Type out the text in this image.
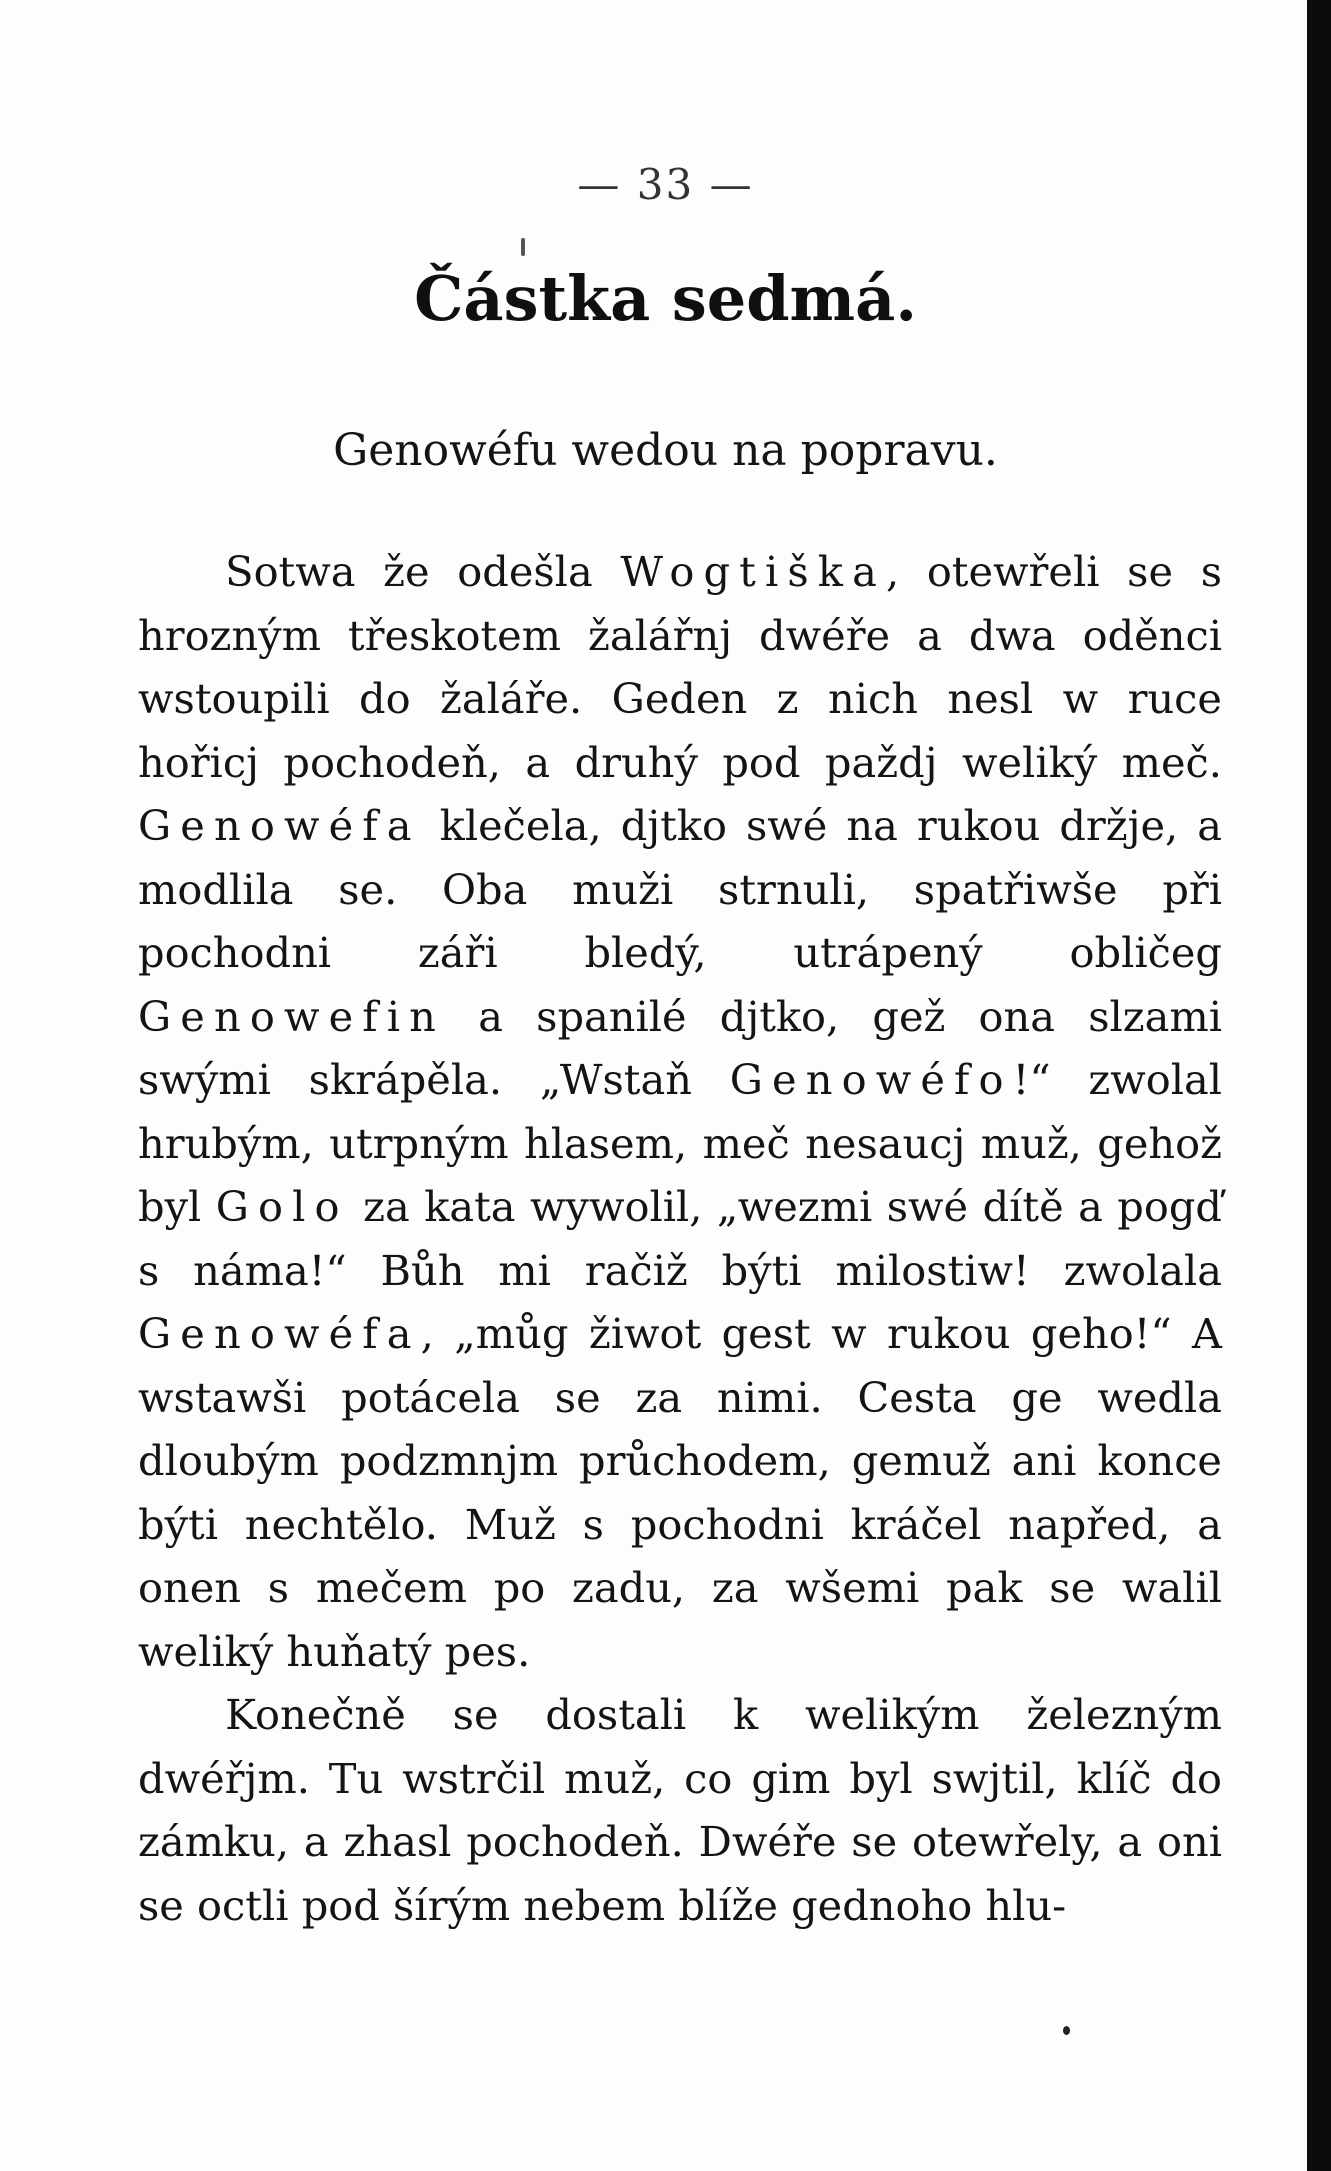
— 33 —
Částka sedmá.
Genowéfu wedou na popravu.

Sotwa že odešla Wogtiška, otewřeli se s hrozným třeskotem žalářnj dwéře a dwa oděnci wstoupili do žaláře. Geden z nich nesl w ruce hořicj pochodeň, a druhý pod paždj weliký meč. Genowéfa klečela, djtko swé na rukou držje, a modlila se. Oba muži strnuli, spatřiwše při pochodni záři bledý, utrápený obličeg Genowefin a spanilé djtko, gež ona slzami swými skrápěla. „Wstaň Genowéfo!“ zwolal hrubým, utrpným hlasem, meč nesaucj muž, gehož byl Golo za kata wywolil, „wezmi swé dítě a pogď s náma!“ Bůh mi račiž býti milostiw! zwolala Genowéfa, „můg žiwot gest w rukou geho!“ A wstawši potácela se za nimi. Cesta ge wedla dloubým podzmnjm průchodem, gemuž ani konce býti nechtělo. Muž s pochodni kráčel napřed, a onen s mečem po zadu, za wšemi pak se walil weliký huňatý pes.

Konečně se dostali k welikým železným dwéřjm. Tu wstrčil muž, co gim byl swjtil, klíč do zámku, a zhasl pochodeň. Dwéře se otewřely, a oni se octli pod šírým nebem blíže gednoho hlu-
